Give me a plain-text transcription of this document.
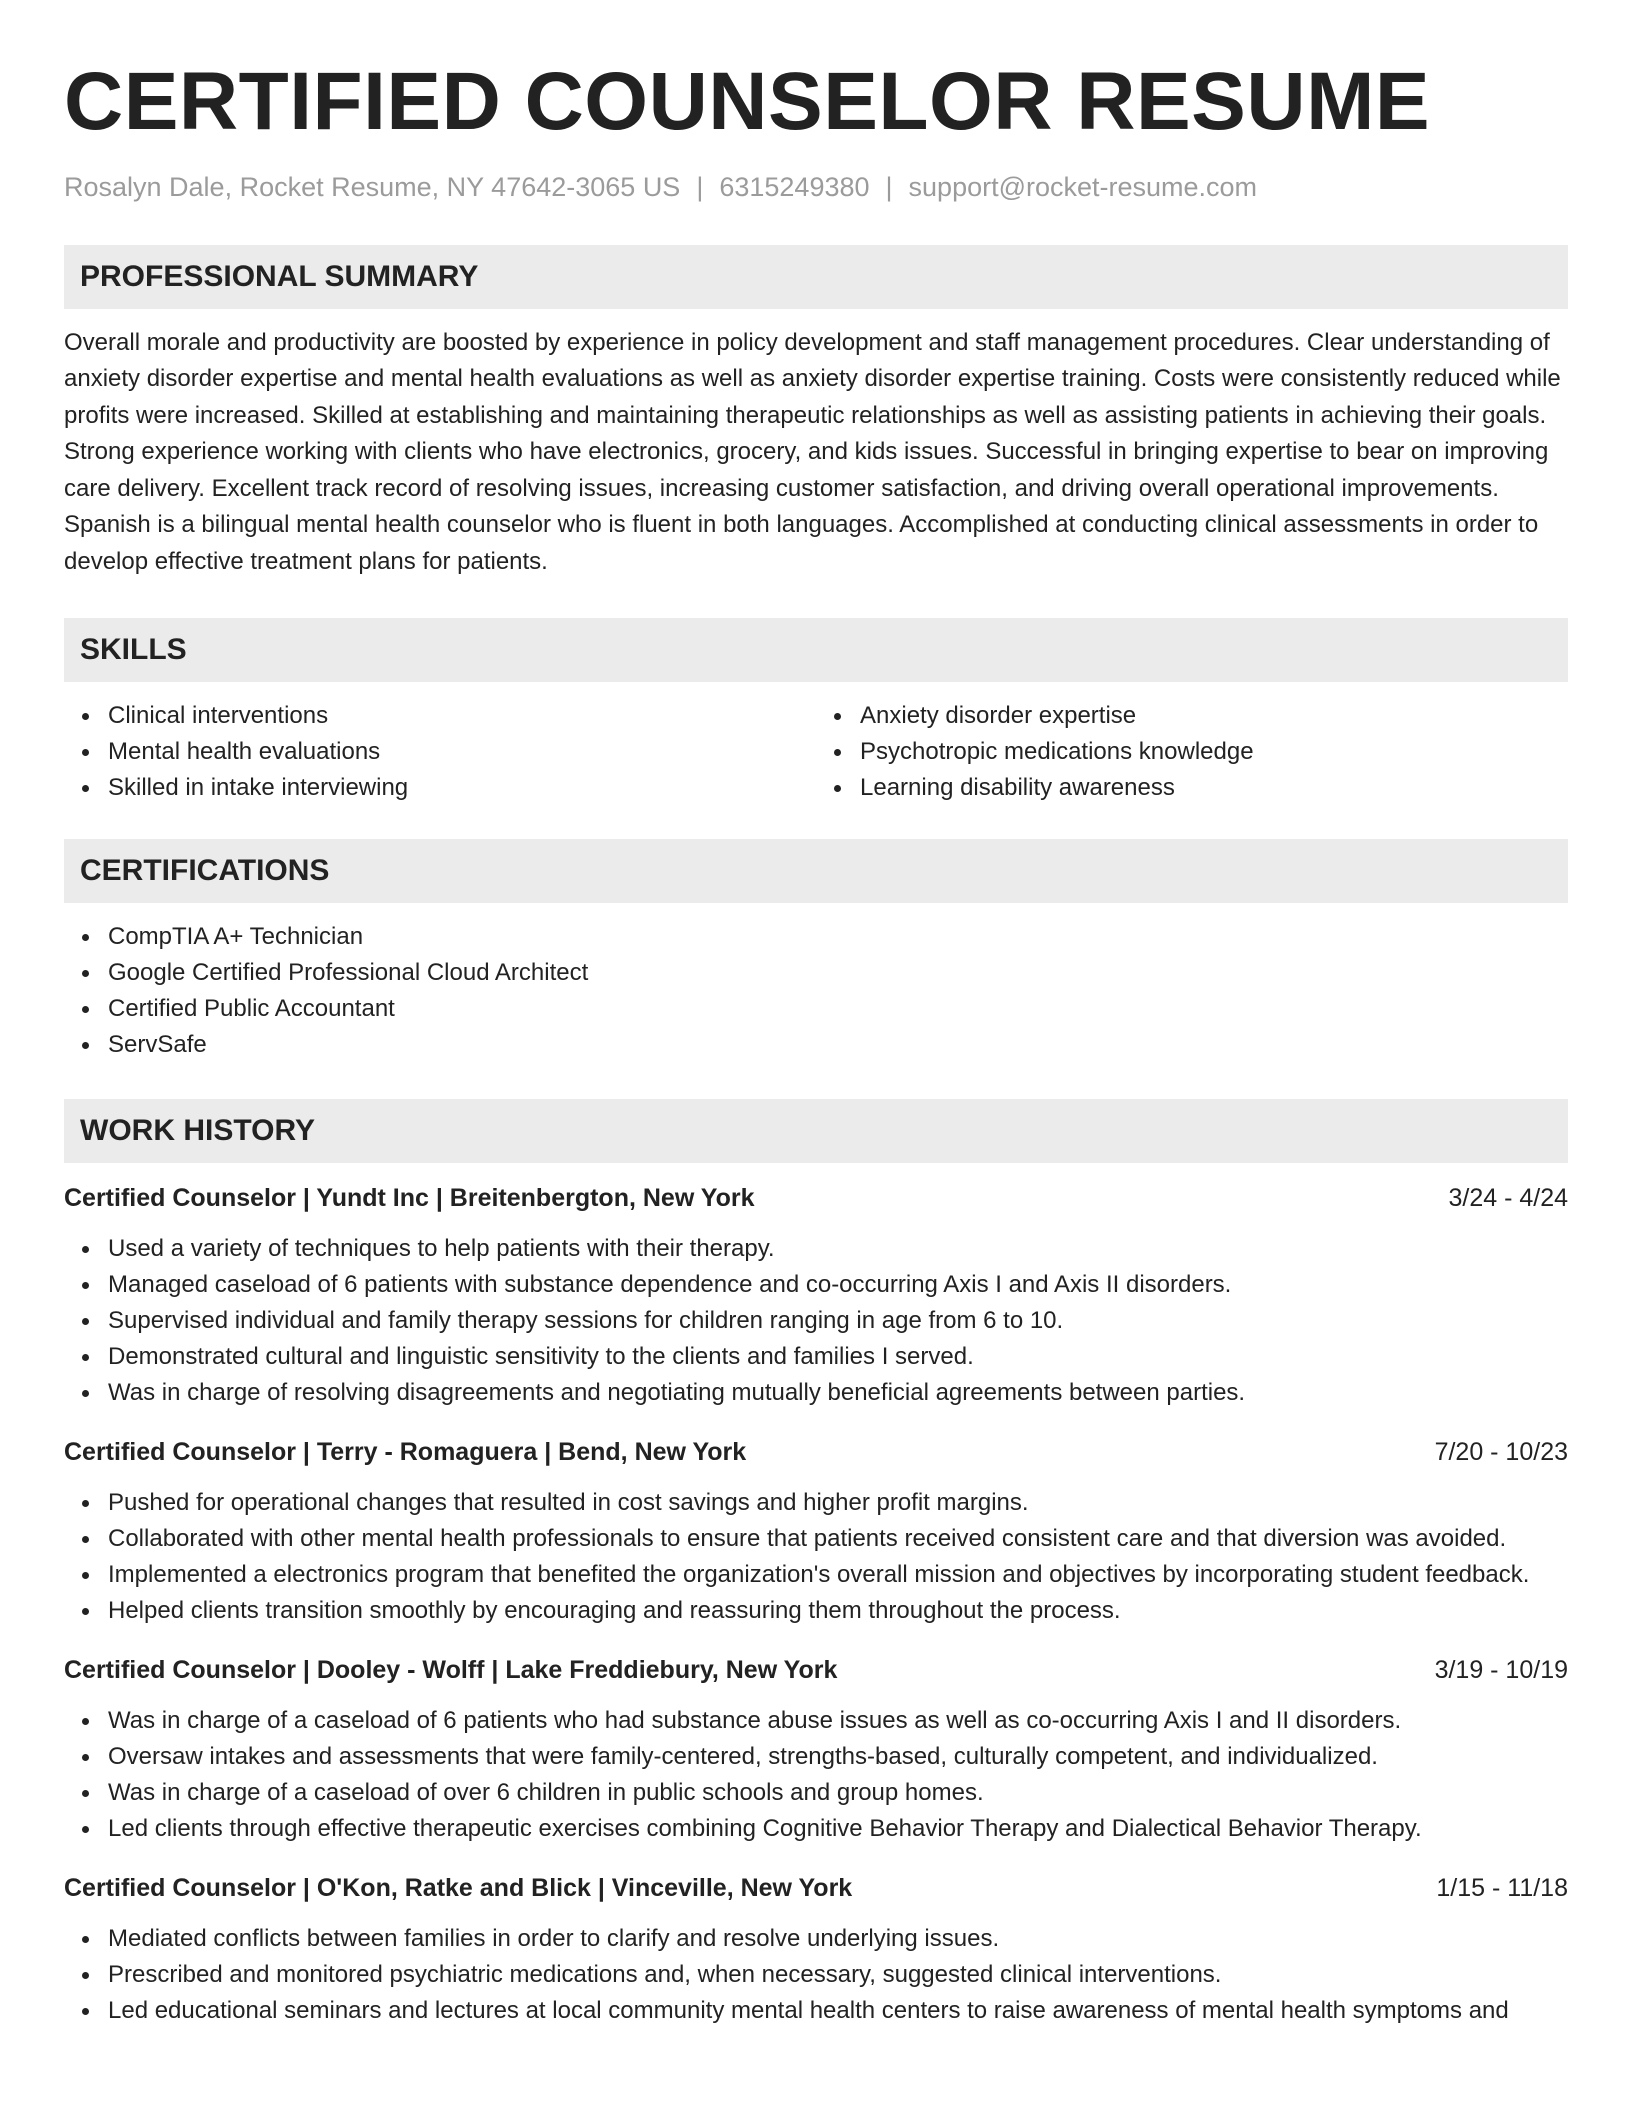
CERTIFIED COUNSELOR RESUME
Rosalyn Dale, Rocket Resume, NY 47642-3065 US | 6315249380 | support@rocket-resume.com
PROFESSIONAL SUMMARY
Overall morale and productivity are boosted by experience in policy development and staff management procedures. Clear understanding of anxiety disorder expertise and mental health evaluations as well as anxiety disorder expertise training. Costs were consistently reduced while profits were increased. Skilled at establishing and maintaining therapeutic relationships as well as assisting patients in achieving their goals. Strong experience working with clients who have electronics, grocery, and kids issues. Successful in bringing expertise to bear on improving care delivery. Excellent track record of resolving issues, increasing customer satisfaction, and driving overall operational improvements. Spanish is a bilingual mental health counselor who is fluent in both languages. Accomplished at conducting clinical assessments in order to develop effective treatment plans for patients.
SKILLS
Clinical interventions
Mental health evaluations
Skilled in intake interviewing
Anxiety disorder expertise
Psychotropic medications knowledge
Learning disability awareness
CERTIFICATIONS
CompTIA A+ Technician
Google Certified Professional Cloud Architect
Certified Public Accountant
ServSafe
WORK HISTORY
Certified Counselor | Yundt Inc | Breitenbergton, New York	3/24 - 4/24
Used a variety of techniques to help patients with their therapy.
Managed caseload of 6 patients with substance dependence and co-occurring Axis I and Axis II disorders.
Supervised individual and family therapy sessions for children ranging in age from 6 to 10.
Demonstrated cultural and linguistic sensitivity to the clients and families I served.
Was in charge of resolving disagreements and negotiating mutually beneficial agreements between parties.
Certified Counselor | Terry - Romaguera | Bend, New York	7/20 - 10/23
Pushed for operational changes that resulted in cost savings and higher profit margins.
Collaborated with other mental health professionals to ensure that patients received consistent care and that diversion was avoided.
Implemented a electronics program that benefited the organization's overall mission and objectives by incorporating student feedback.
Helped clients transition smoothly by encouraging and reassuring them throughout the process.
Certified Counselor | Dooley - Wolff | Lake Freddiebury, New York	3/19 - 10/19
Was in charge of a caseload of 6 patients who had substance abuse issues as well as co-occurring Axis I and II disorders.
Oversaw intakes and assessments that were family-centered, strengths-based, culturally competent, and individualized.
Was in charge of a caseload of over 6 children in public schools and group homes.
Led clients through effective therapeutic exercises combining Cognitive Behavior Therapy and Dialectical Behavior Therapy.
Certified Counselor | O'Kon, Ratke and Blick | Vinceville, New York	1/15 - 11/18
Mediated conflicts between families in order to clarify and resolve underlying issues.
Prescribed and monitored psychiatric medications and, when necessary, suggested clinical interventions.
Led educational seminars and lectures at local community mental health centers to raise awareness of mental health symptoms and
